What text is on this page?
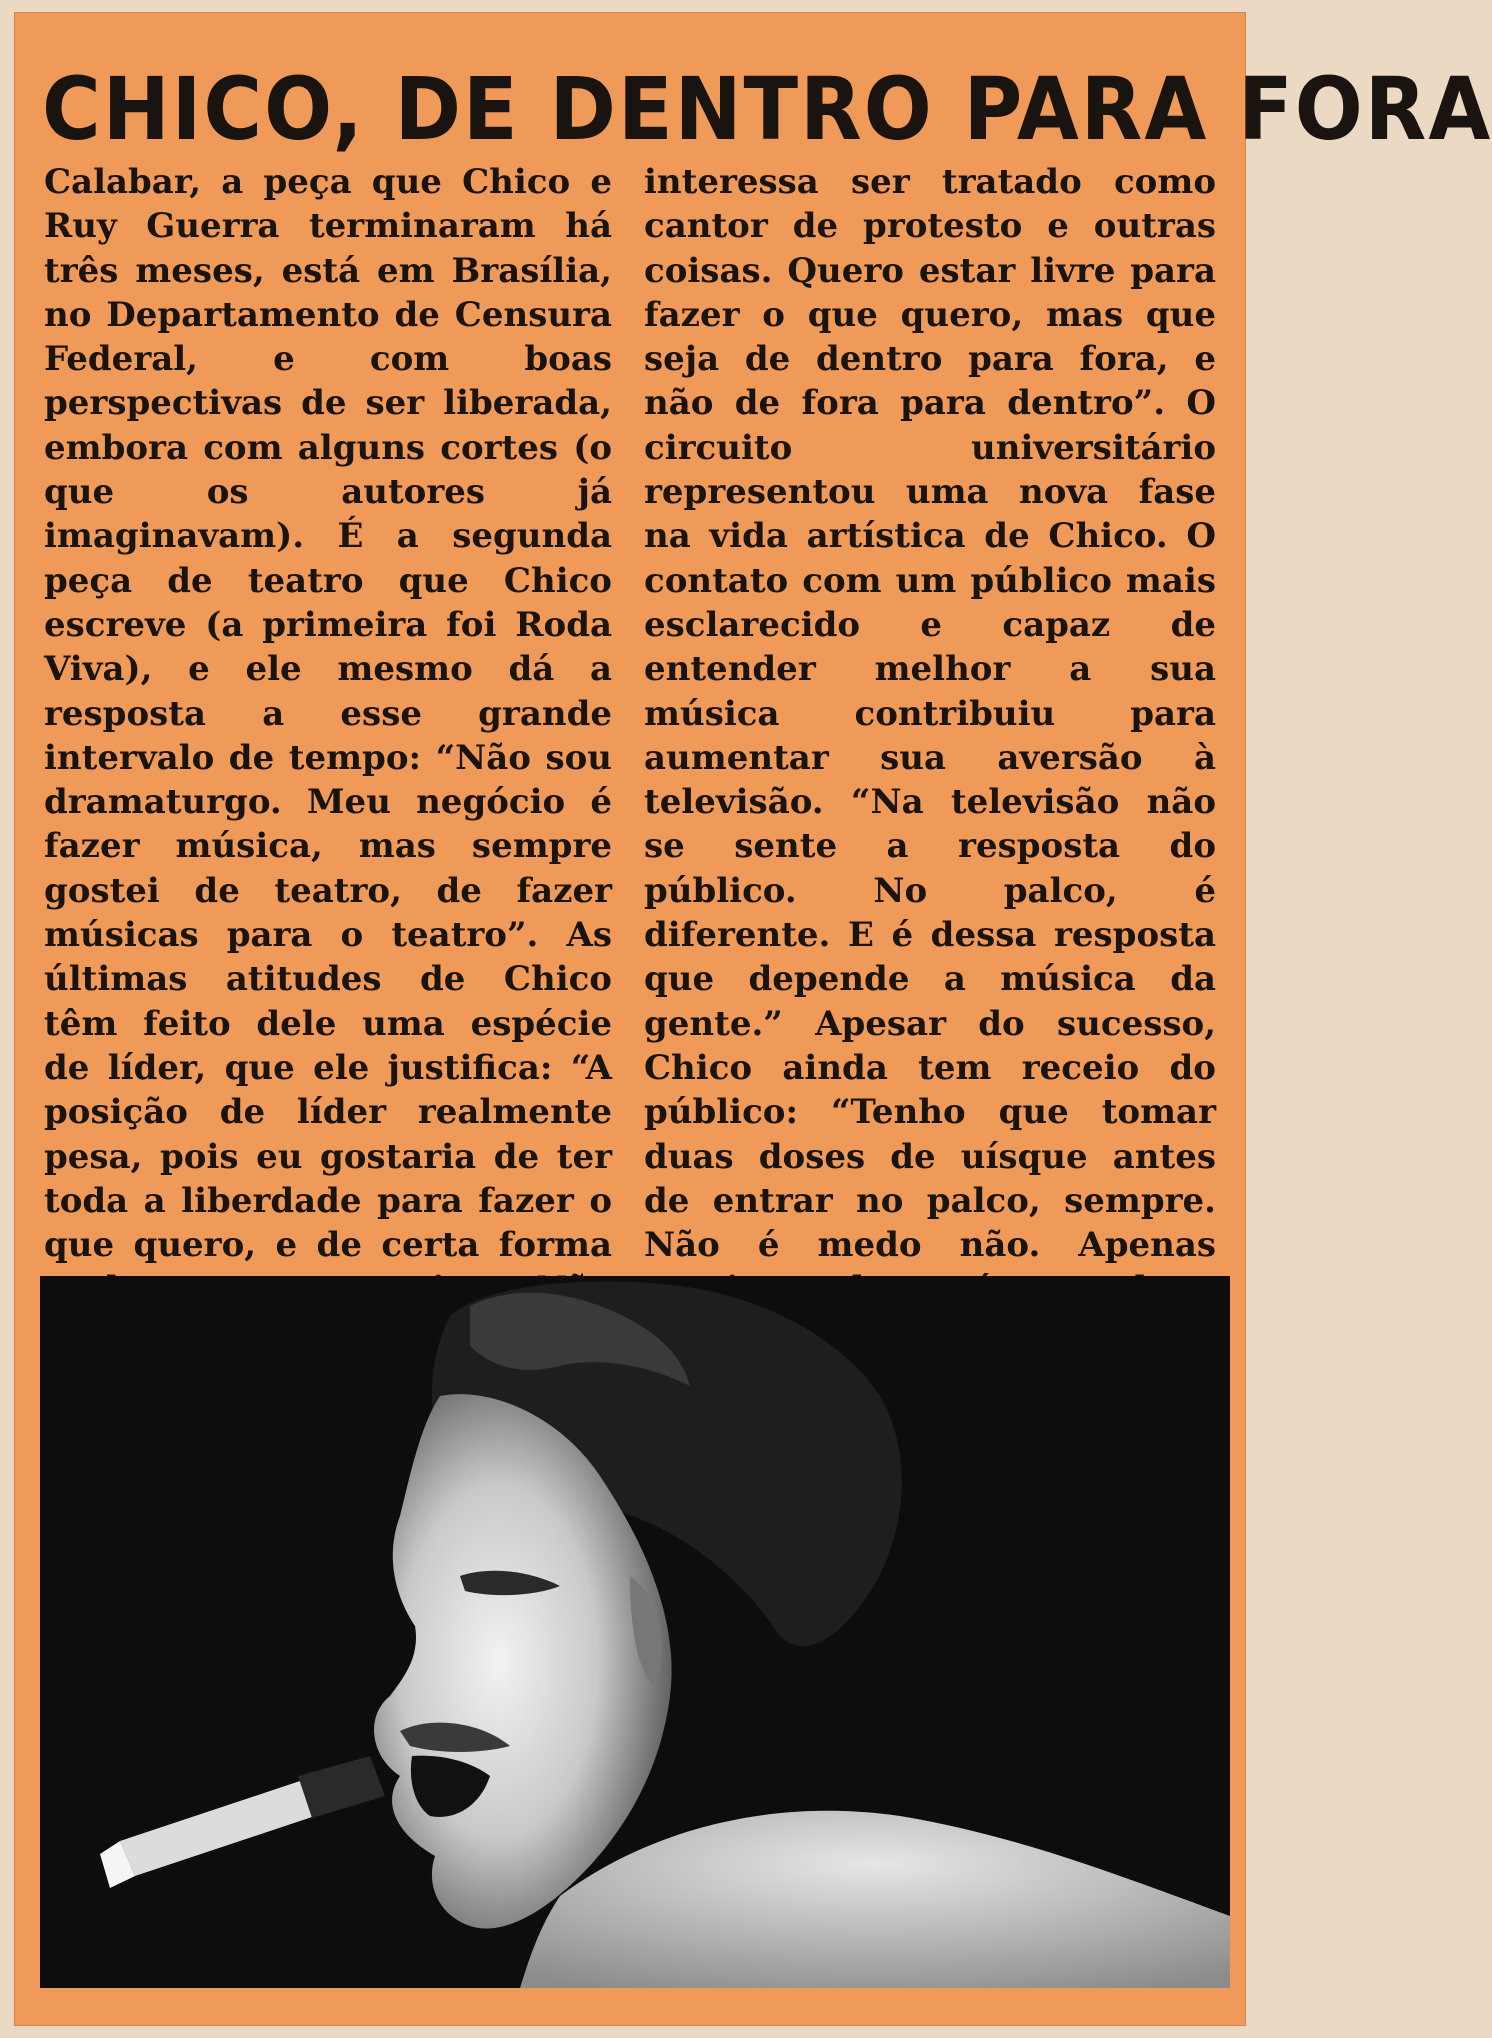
CHICO, DE DENTRO PARA FORA

Calabar, a peça que Chico e Ruy Guerra terminaram há três meses, está em Brasília, no Departamento de Censura Federal, e com boas perspectivas de ser liberada, embora com alguns cortes (o que os autores já imaginavam). É a segunda peça de teatro que Chico escreve (a primeira foi Roda Viva), e ele mesmo dá a resposta a esse grande intervalo de tempo: “Não sou dramaturgo. Meu negócio é fazer música, mas sempre gostei de teatro, de fazer músicas para o teatro”. As últimas atitudes de Chico têm feito dele uma espécie de líder, que ele justifica: “A posição de líder realmente pesa, pois eu gostaria de ter toda a liberdade para fazer o que quero, e de certa forma

interessa ser tratado como cantor de protesto e outras coisas. Quero estar livre para fazer o que quero, mas que seja de dentro para fora, e não de fora para dentro”. O circuito universitário representou uma nova fase na vida artística de Chico. O contato com um público mais esclarecido e capaz de entender melhor a sua música contribuiu para aumentar sua aversão à televisão. “Na televisão não se sente a resposta do público. No palco, é diferente. E é dessa resposta que depende a música da gente.” Apesar do sucesso, Chico ainda tem receio do público: “Tenho que tomar duas doses de uísque antes de entrar no palco, sempre. Não é medo não. Apenas
